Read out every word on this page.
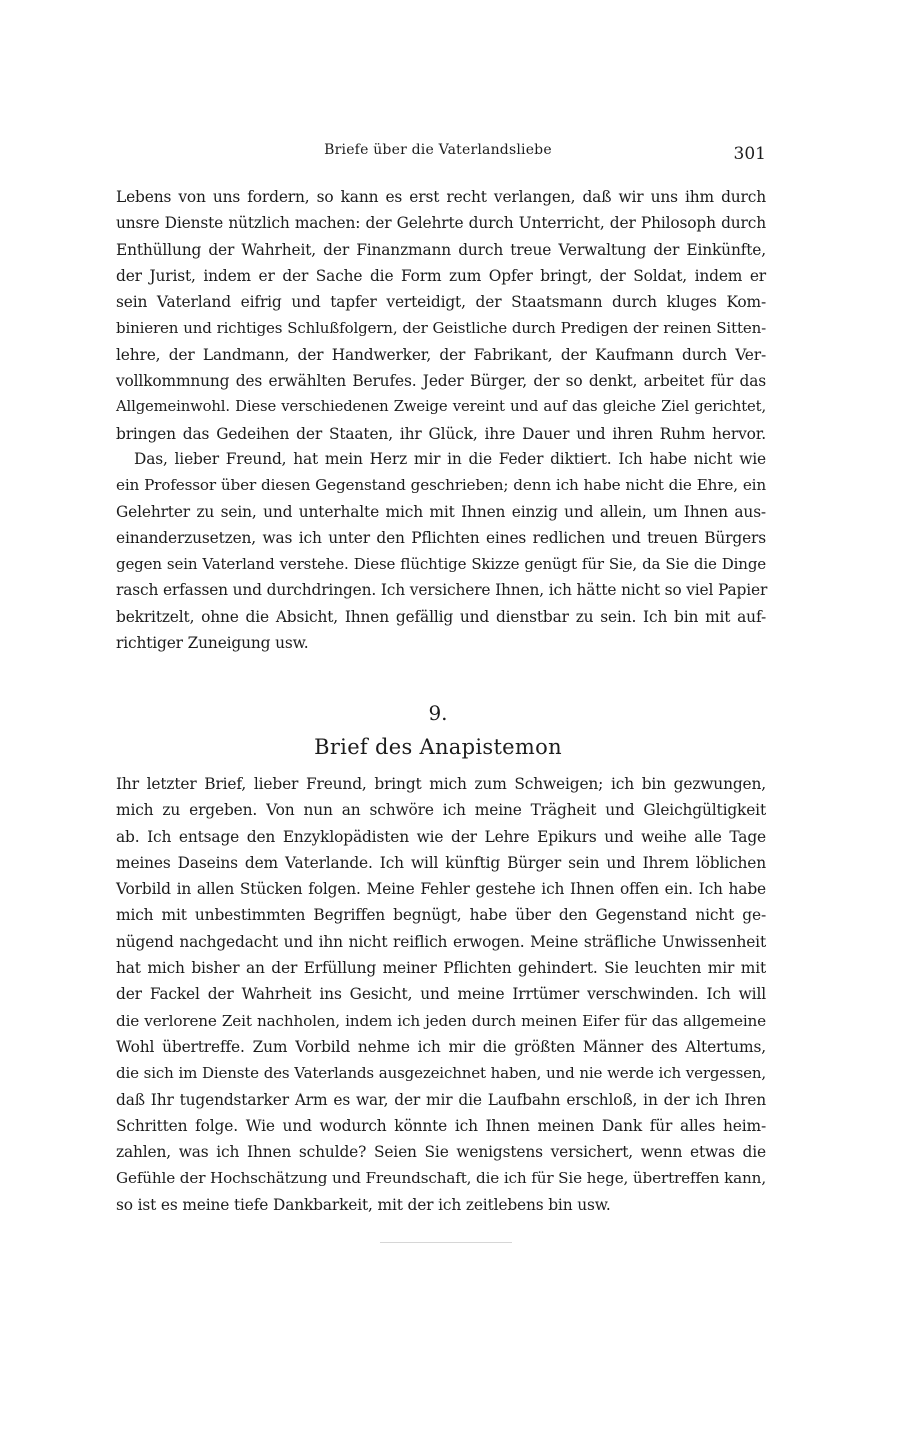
Briefe über die Vaterlandsliebe	301
Lebens von uns fordern, so kann es erst recht verlangen, daß wir uns ihm durch
unsre Dienste nützlich machen: der Gelehrte durch Unterricht, der Philosoph durch
Enthüllung der Wahrheit, der Finanzmann durch treue Verwaltung der Einkünfte,
der Jurist, indem er der Sache die Form zum Opfer bringt, der Soldat, indem er
sein Vaterland eifrig und tapfer verteidigt, der Staatsmann durch kluges Kom-
binieren und richtiges Schlußfolgern, der Geistliche durch Predigen der reinen Sitten-
lehre, der Landmann, der Handwerker, der Fabrikant, der Kaufmann durch Ver-
vollkommnung des erwählten Berufes. Jeder Bürger, der so denkt, arbeitet für das
Allgemeinwohl. Diese verschiedenen Zweige vereint und auf das gleiche Ziel gerichtet,
bringen das Gedeihen der Staaten, ihr Glück, ihre Dauer und ihren Ruhm hervor.
Das, lieber Freund, hat mein Herz mir in die Feder diktiert. Ich habe nicht wie
ein Professor über diesen Gegenstand geschrieben; denn ich habe nicht die Ehre, ein
Gelehrter zu sein, und unterhalte mich mit Ihnen einzig und allein, um Ihnen aus-
einanderzusetzen, was ich unter den Pflichten eines redlichen und treuen Bürgers
gegen sein Vaterland verstehe. Diese flüchtige Skizze genügt für Sie, da Sie die Dinge
rasch erfassen und durchdringen. Ich versichere Ihnen, ich hätte nicht so viel Papier
bekritzelt, ohne die Absicht, Ihnen gefällig und dienstbar zu sein. Ich bin mit auf-
richtiger Zuneigung usw.
9.
Brief des Anapistemon
Ihr letzter Brief, lieber Freund, bringt mich zum Schweigen; ich bin gezwungen,
mich zu ergeben. Von nun an schwöre ich meine Trägheit und Gleichgültigkeit
ab. Ich entsage den Enzyklopädisten wie der Lehre Epikurs und weihe alle Tage
meines Daseins dem Vaterlande. Ich will künftig Bürger sein und Ihrem löblichen
Vorbild in allen Stücken folgen. Meine Fehler gestehe ich Ihnen offen ein. Ich habe
mich mit unbestimmten Begriffen begnügt, habe über den Gegenstand nicht ge-
nügend nachgedacht und ihn nicht reiflich erwogen. Meine sträfliche Unwissenheit
hat mich bisher an der Erfüllung meiner Pflichten gehindert. Sie leuchten mir mit
der Fackel der Wahrheit ins Gesicht, und meine Irrtümer verschwinden. Ich will
die verlorene Zeit nachholen, indem ich jeden durch meinen Eifer für das allgemeine
Wohl übertreffe. Zum Vorbild nehme ich mir die größten Männer des Altertums,
die sich im Dienste des Vaterlands ausgezeichnet haben, und nie werde ich vergessen,
daß Ihr tugendstarker Arm es war, der mir die Laufbahn erschloß, in der ich Ihren
Schritten folge. Wie und wodurch könnte ich Ihnen meinen Dank für alles heim-
zahlen, was ich Ihnen schulde? Seien Sie wenigstens versichert, wenn etwas die
Gefühle der Hochschätzung und Freundschaft, die ich für Sie hege, übertreffen kann,
so ist es meine tiefe Dankbarkeit, mit der ich zeitlebens bin usw.
